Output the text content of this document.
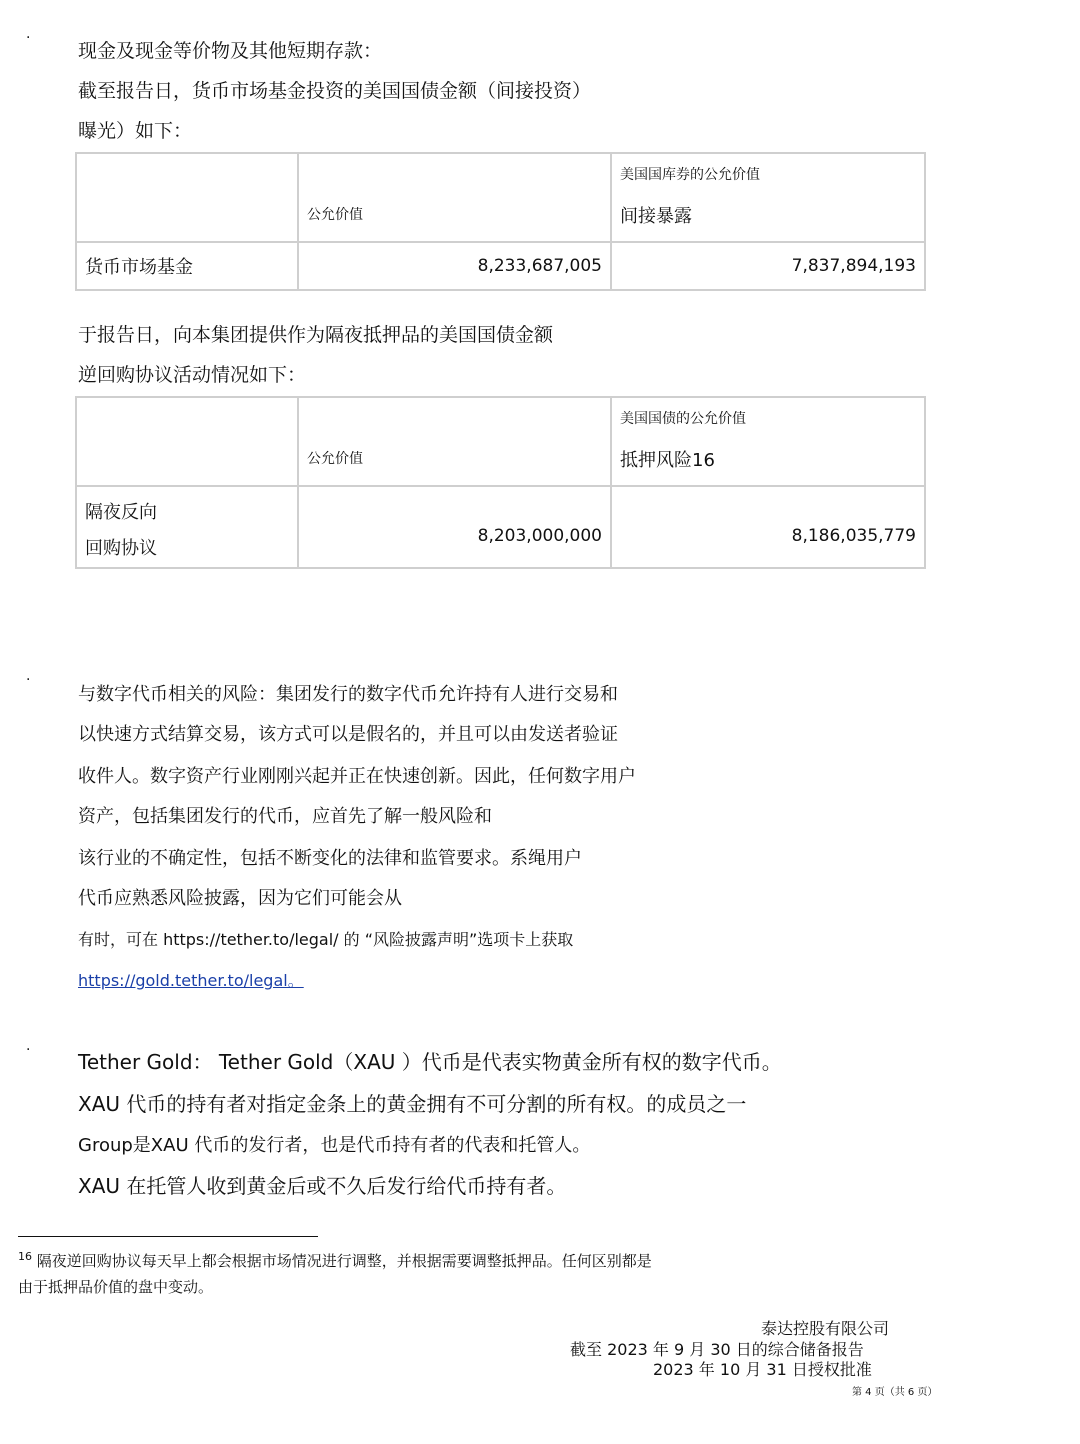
·
现金及现金等价物及其他短期存款：
截至报告日，货币市场基金投资的美国国债金额（间接投资）
曝光）如下：

	公允价值	美国国库券的公允价值
间接暴露

货币市场基金	8,233,687,005	7,837,894,193
于报告日，向本集团提供作为隔夜抵押品的美国国债金额
逆回购协议活动情况如下：

	公允价值	美国国债的公允价值
抵押风险16

隔夜反向
回购协议	8,203,000,000	8,186,035,779
·
与数字代币相关的风险：集团发行的数字代币允许持有人进行交易和
以快速方式结算交易，该方式可以是假名的，并且可以由发送者验证
收件人。数字资产行业刚刚兴起并正在快速创新。因此，任何数字用户
资产，包括集团发行的代币，应首先了解一般风险和
该行业的不确定性，包括不断变化的法律和监管要求。系绳用户
代币应熟悉风险披露，因为它们可能会从
有时，可在 https://tether.to/legal/ 的 “风险披露声明”选项卡上获取
https://gold.tether.to/legal。
· Tether Gold： Tether Gold（XAU ）代币是代表实物黄金所有权的数字代币。
XAU 代币的持有者对指定金条上的黄金拥有不可分割的所有权。的成员之一
Group是XAU 代币的发行者，也是代币持有者的代表和托管人。
XAU 在托管人收到黄金后或不久后发行给代币持有者。
$^{16}$ 隔夜逆回购协议每天早上都会根据市场情况进行调整，并根据需要调整抵押品。任何区别都是
由于抵押品价值的盘中变动。
泰达控股有限公司
截至 2023 年 9 月 30 日的综合储备报告
2023 年 10 月 31 日授权批准
第 4 页（共 6 页）
